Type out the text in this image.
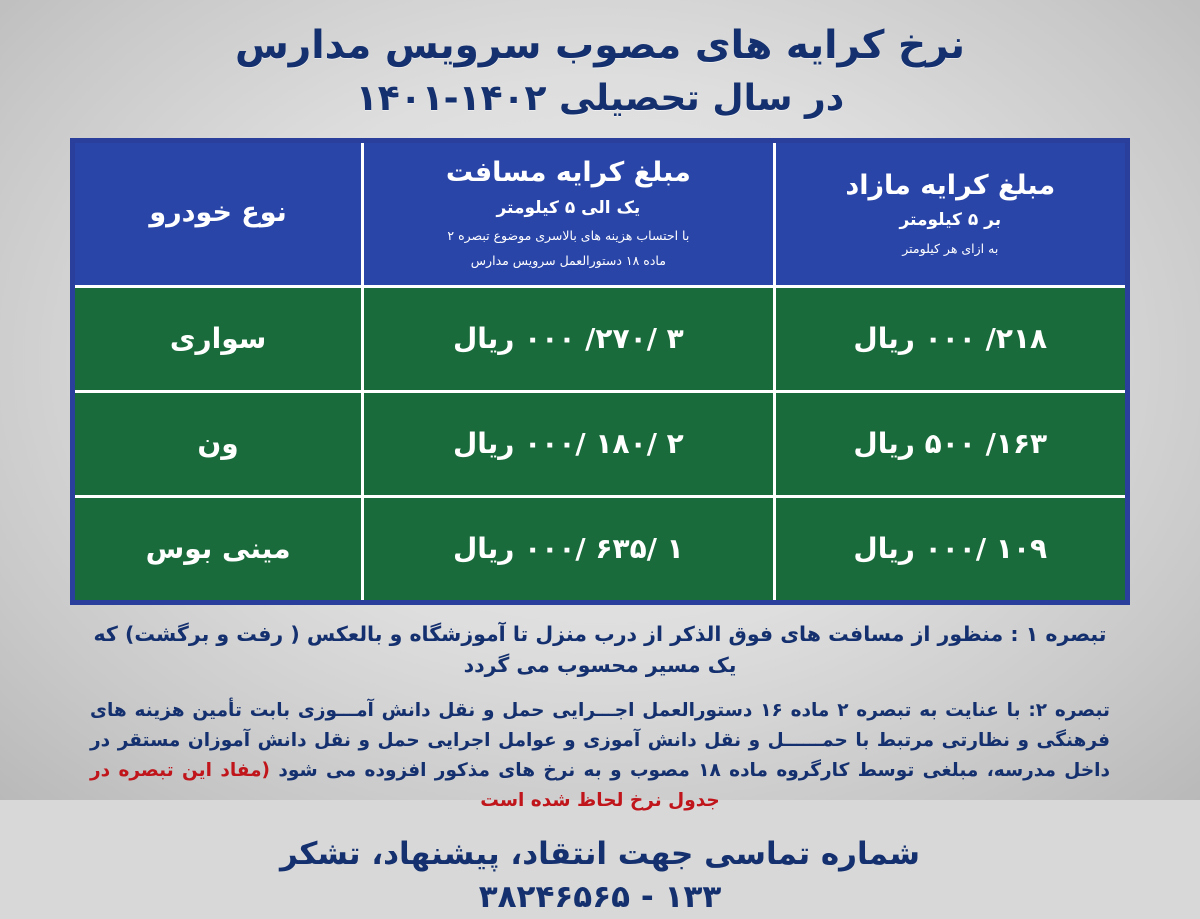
نرخ کرایه های مصوب سرویس مدارس
در سال تحصیلی ۱۴۰۲-۱۴۰۱
مبلغ کرایه مازاد
بر ۵ کیلومتر
به ازای هر کیلومتر

مبلغ کرایه مسافت
یک الی ۵ کیلومتر
با احتساب هزینه های بالاسری موضوع تبصره ۲
ماده ۱۸ دستورالعمل سرویس مدارس

نوع خودرو

۲۱۸/ ۰۰۰ ریال	۳ /۲۷۰/ ۰۰۰ ریال	سواری
۱۶۳/ ۵۰۰ ریال	۲ /۱۸۰ /۰۰۰ ریال	ون
۱۰۹ /۰۰۰ ریال	۱ /۶۳۵ /۰۰۰ ریال	مینی بوس
تبصره ۱ : منظور از مسافت های فوق الذکر از درب منزل تا آموزشگاه و بالعکس ( رفت و برگشت) که یک مسیر محسوب می گردد
تبصره ۲: با عنایت به تبصره ۲ ماده ۱۶ دستورالعمل اجـــرایی حمل و نقل دانش آمـــوزی بابت تأمین هزینه های فرهنگی و نظارتی مرتبط با حمــــــل و نقل دانش آموزی و عوامل اجرایی حمل و نقل دانش آموزان مستقر در داخل مدرسه، مبلغی توسط کارگروه ماده ۱۸ مصوب و به نرخ های مذکور افزوده می شود (مفاد این تبصره در جدول نرخ لحاظ شده است
شماره تماسی جهت انتقاد، پیشنهاد، تشکر
۱۳۳ - ۳۸۲۴۶۵۶۵
